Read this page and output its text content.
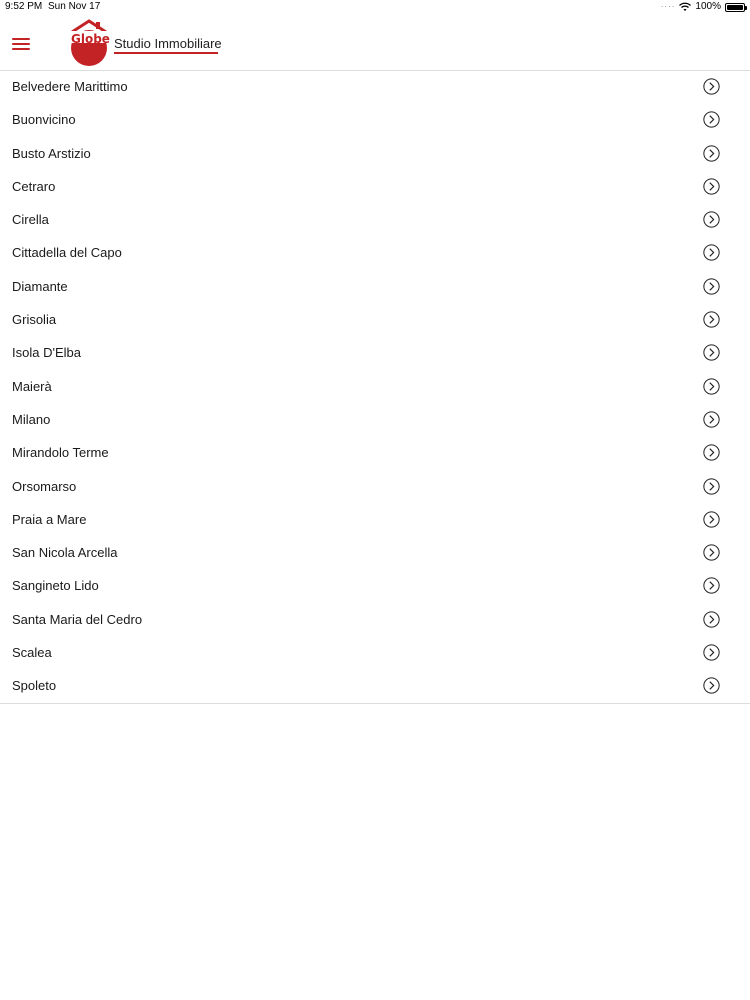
9:52 PM Sun Nov 17	···· 100%
Globe Studio Immobiliare
Belvedere Marittimo
Buonvicino
Busto Arstizio
Cetraro
Cirella
Cittadella del Capo
Diamante
Grisolia
Isola D'Elba
Maierà
Milano
Mirandolo Terme
Orsomarso
Praia a Mare
San Nicola Arcella
Sangineto Lido
Santa Maria del Cedro
Scalea
Spoleto
